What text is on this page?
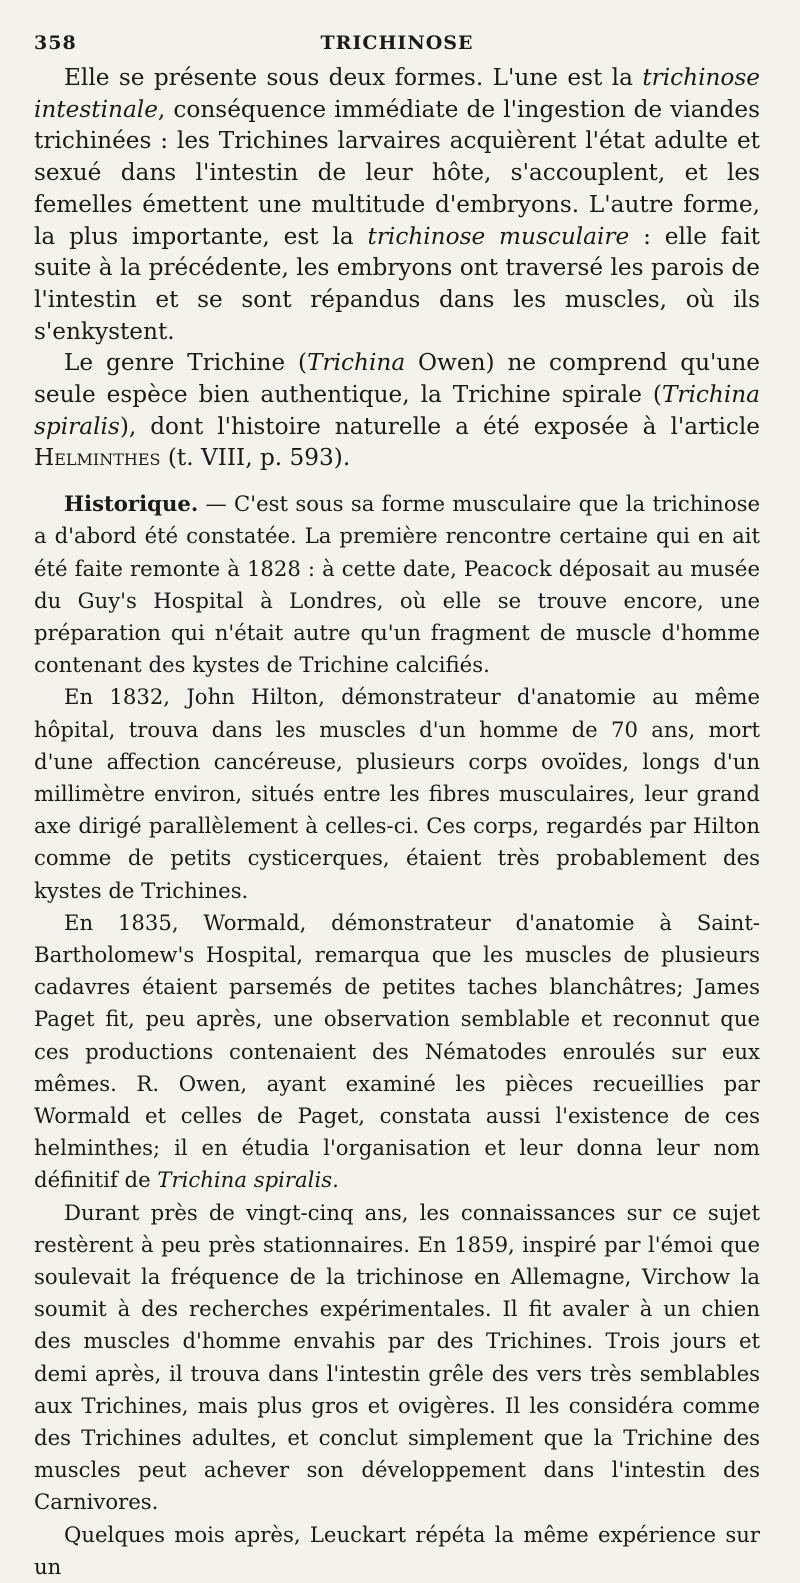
358	TRICHINOSE

Elle se présente sous deux formes. L'une est la trichinose intestinale, conséquence immédiate de l'ingestion de viandes trichinées : les Trichines larvaires acquièrent l'état adulte et sexué dans l'intestin de leur hôte, s'accouplent, et les femelles émettent une multitude d'embryons. L'autre forme, la plus importante, est la trichinose musculaire : elle fait suite à la précédente, les embryons ont traversé les parois de l'intestin et se sont répandus dans les muscles, où ils s'enkystent.

Le genre Trichine (Trichina Owen) ne comprend qu'une seule espèce bien authentique, la Trichine spirale (Trichina spiralis), dont l'histoire naturelle a été exposée à l'article Helminthes (t. VIII, p. 593).

Historique. — C'est sous sa forme musculaire que la trichinose a d'abord été constatée. La première rencontre certaine qui en ait été faite remonte à 1828 : à cette date, Peacock déposait au musée du Guy's Hospital à Londres, où elle se trouve encore, une préparation qui n'était autre qu'un fragment de muscle d'homme contenant des kystes de Trichine calcifiés.

En 1832, John Hilton, démonstrateur d'anatomie au même hôpital, trouva dans les muscles d'un homme de 70 ans, mort d'une affection cancéreuse, plusieurs corps ovoïdes, longs d'un millimètre environ, situés entre les fibres musculaires, leur grand axe dirigé parallèlement à celles-ci. Ces corps, regardés par Hilton comme de petits cysticerques, étaient très probablement des kystes de Trichines.

En 1835, Wormald, démonstrateur d'anatomie à Saint-Bartholomew's Hospital, remarqua que les muscles de plusieurs cadavres étaient parsemés de petites taches blanchâtres; James Paget fit, peu après, une observation semblable et reconnut que ces productions contenaient des Nématodes enroulés sur eux mêmes. R. Owen, ayant examiné les pièces recueillies par Wormald et celles de Paget, constata aussi l'existence de ces helminthes; il en étudia l'organisation et leur donna leur nom définitif de Trichina spiralis.

Durant près de vingt-cinq ans, les connaissances sur ce sujet restèrent à peu près stationnaires. En 1859, inspiré par l'émoi que soulevait la fréquence de la trichinose en Allemagne, Virchow la soumit à des recherches expérimentales. Il fit avaler à un chien des muscles d'homme envahis par des Trichines. Trois jours et demi après, il trouva dans l'intestin grêle des vers très semblables aux Trichines, mais plus gros et ovigères. Il les considéra comme des Trichines adultes, et conclut simplement que la Trichine des muscles peut achever son développement dans l'intestin des Carnivores.

Quelques mois après, Leuckart répéta la même expérience sur un
